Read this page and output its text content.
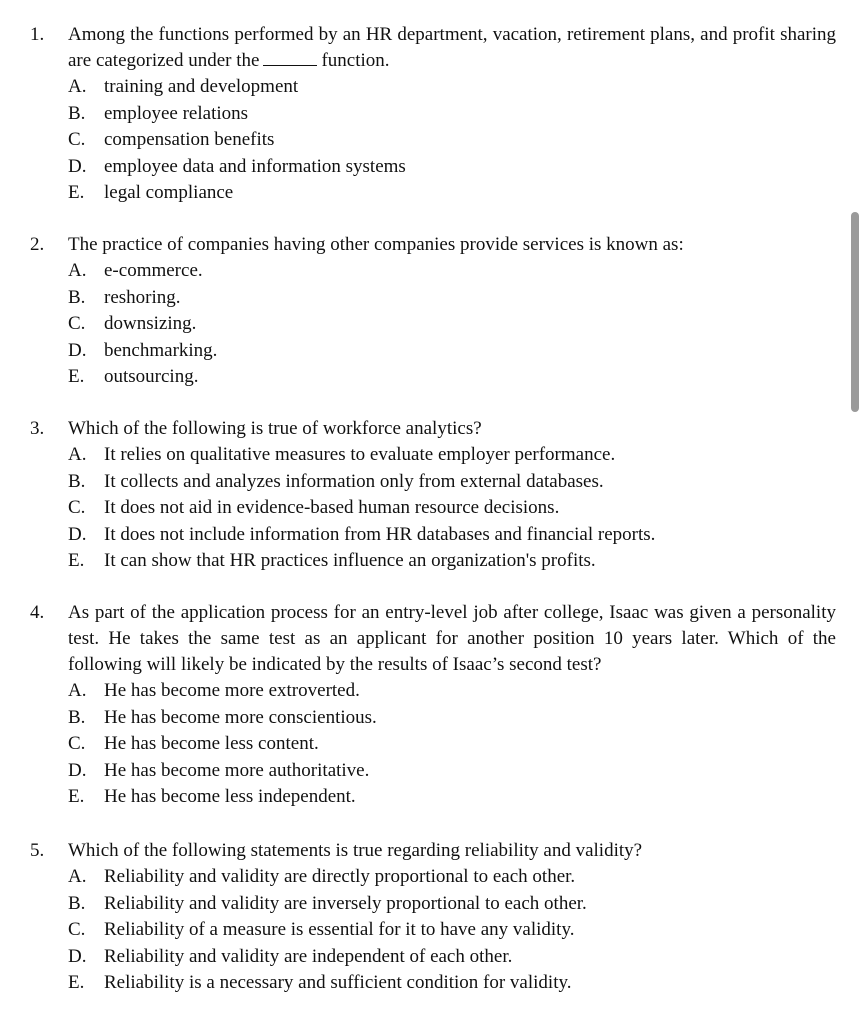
1. Among the functions performed by an HR department, vacation, retirement plans, and profit sharing are categorized under the	function.
A. training and development
B. employee relations
C. compensation benefits
D. employee data and information systems
E.	legal compliance
2. The practice of companies having other companies provide services is known as:
A. e-commerce.
B. reshoring.
C. downsizing.
D. benchmarking.
E.	outsourcing.
3. Which of the following is true of workforce analytics?
A. It relies on qualitative measures to evaluate employer performance.
B. It collects and analyzes information only from external databases.
C. It does not aid in evidence-based human resource decisions.
D. It does not include information from HR databases and financial reports.
E.	It can show that HR practices influence an organization's profits.
4. As part of the application process for an entry-level job after college, Isaac was given a personality test. He takes the same test as an applicant for another position 10 years later. Which of the following will likely be indicated by the results of Isaac’s second test?
A. He has become more extroverted.
B. He has become more conscientious.
C. He has become less content.
D. He has become more authoritative.
E.	He has become less independent.
5. Which of the following statements is true regarding reliability and validity?
A. Reliability and validity are directly proportional to each other.
B. Reliability and validity are inversely proportional to each other.
C. Reliability of a measure is essential for it to have any validity.
D. Reliability and validity are independent of each other.
E.	Reliability is a necessary and sufficient condition for validity.
